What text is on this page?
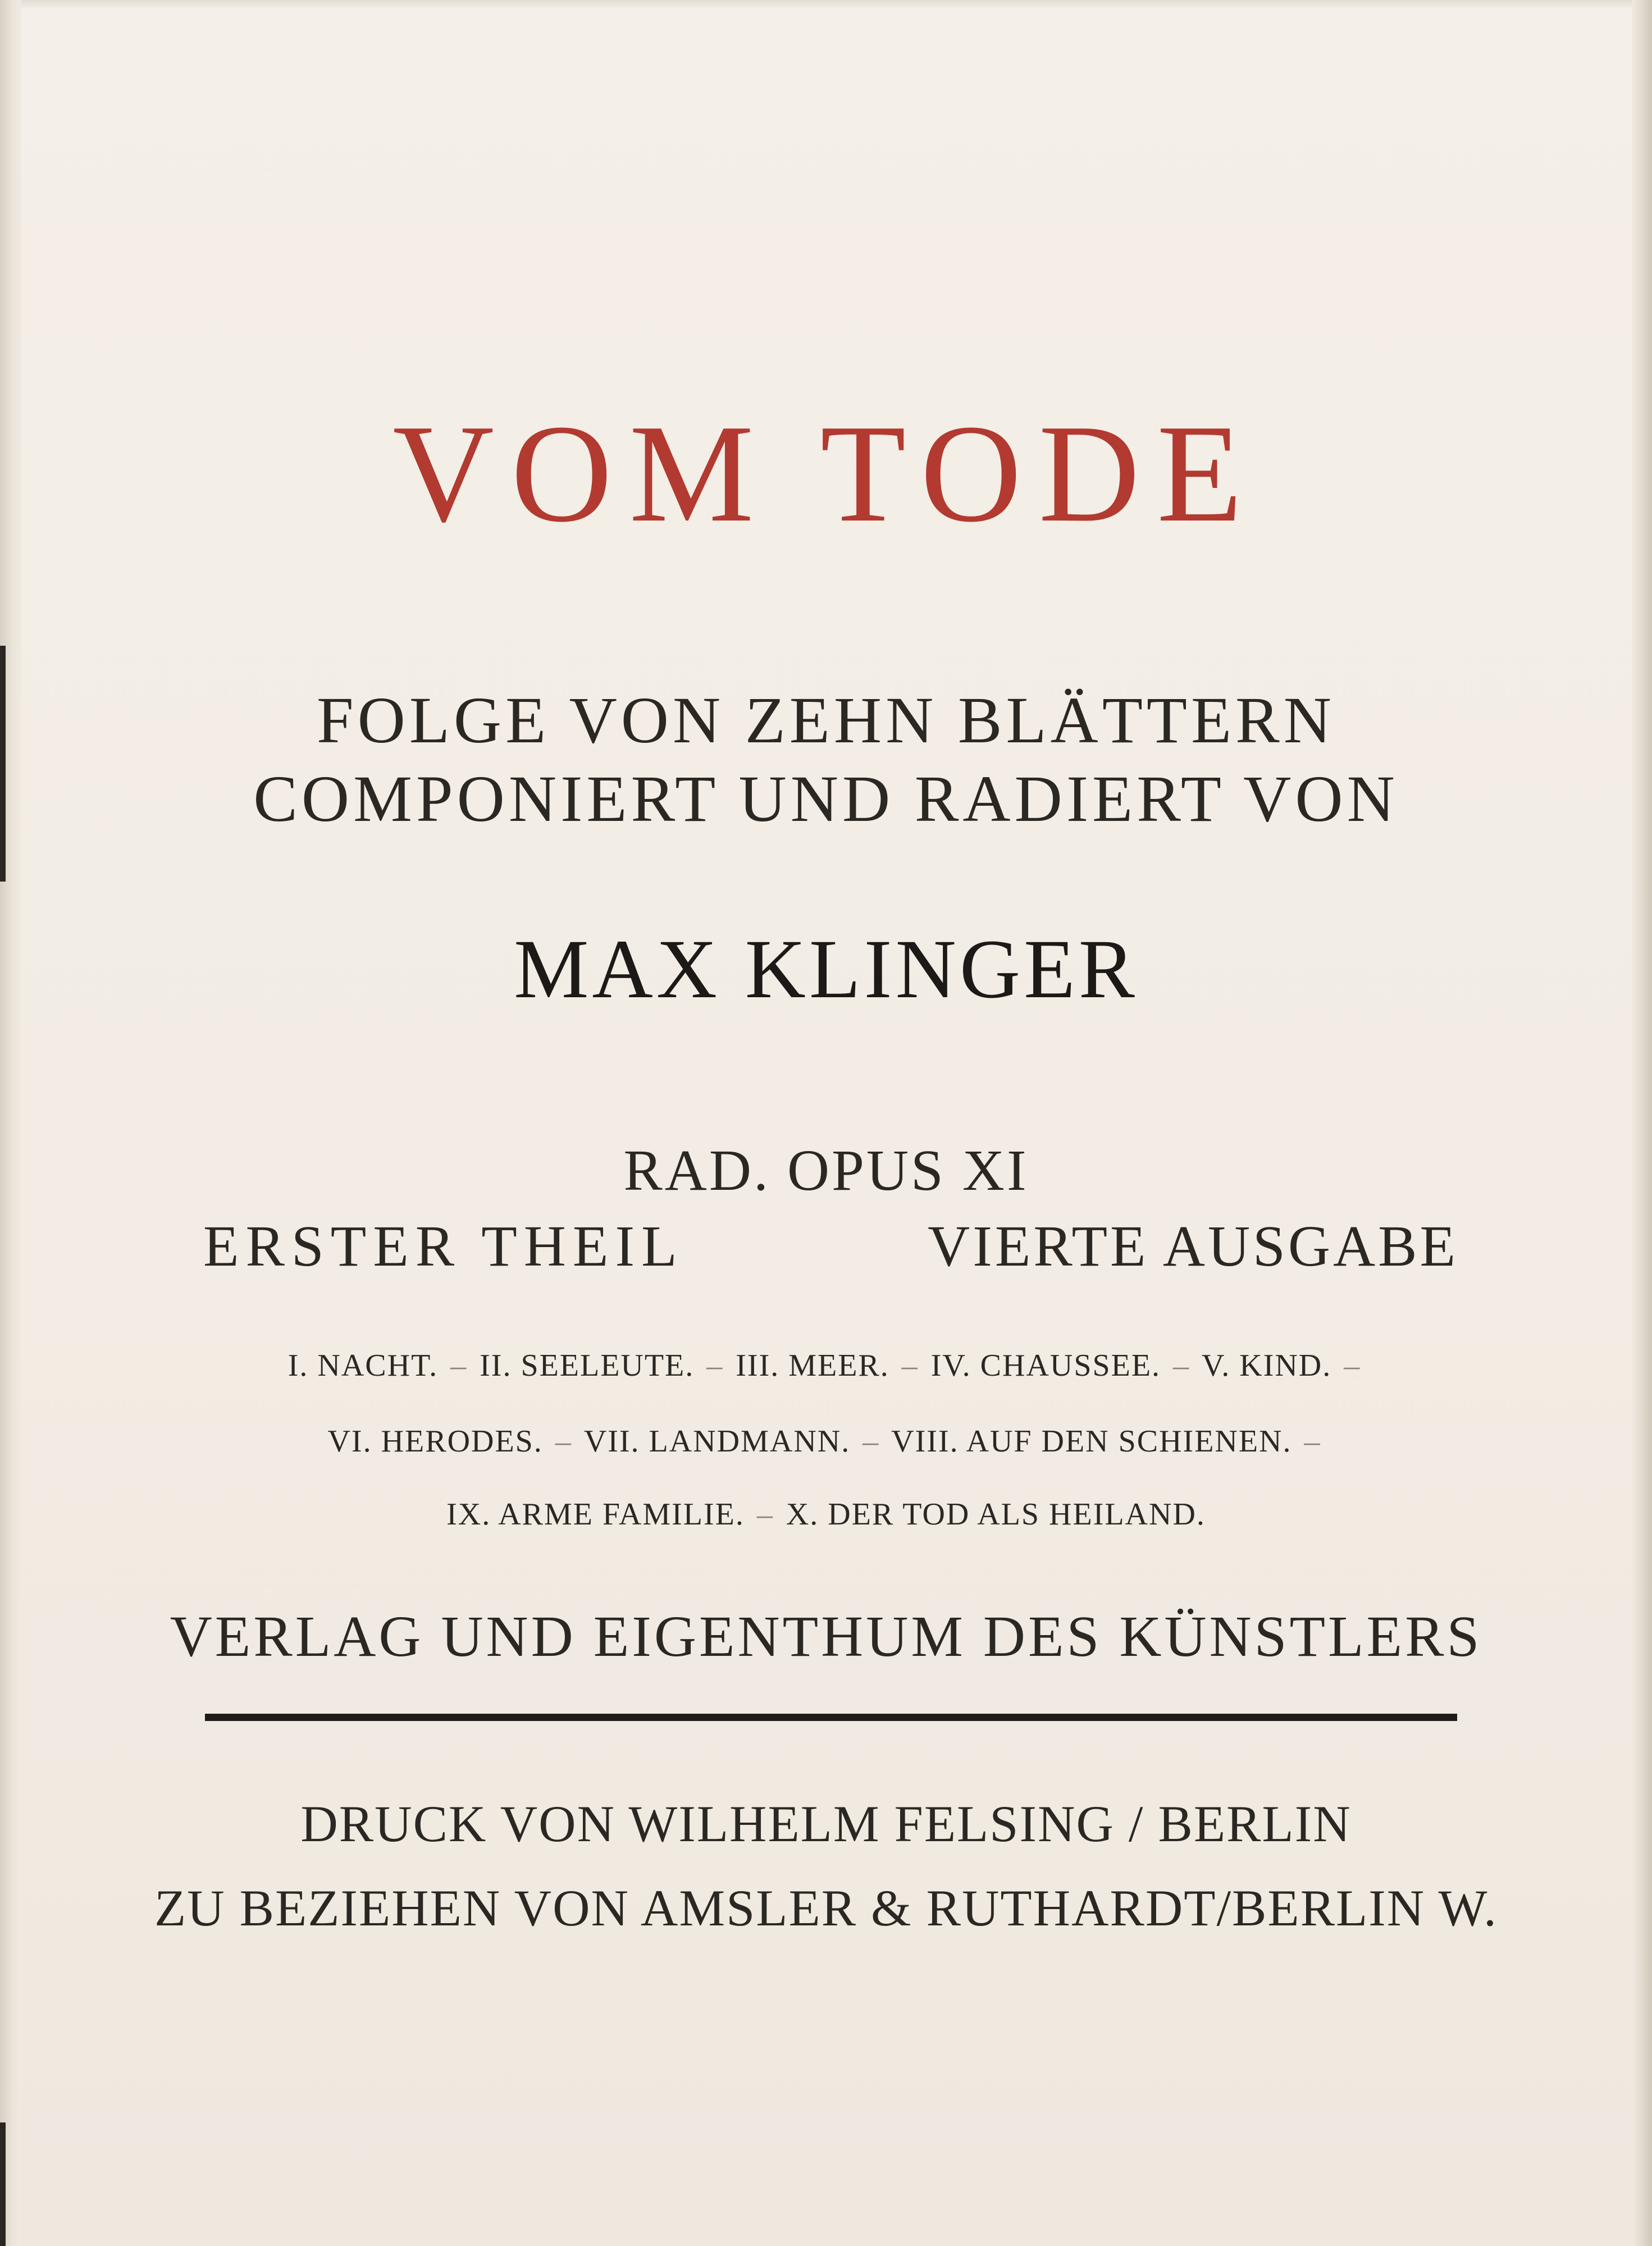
VOM TODE
FOLGE VON ZEHN BLÄTTERN
COMPONIERT UND RADIERT VON
MAX KLINGER
RAD. OPUS XI
ERSTER THEIL	VIERTE AUSGABE
I. NACHT. – II. SEELEUTE. – III. MEER. – IV. CHAUSSEE. – V. KIND. –
VI. HERODES. – VII. LANDMANN. – VIII. AUF DEN SCHIENEN. –
IX. ARME FAMILIE. – X. DER TOD ALS HEILAND.
VERLAG UND EIGENTHUM DES KÜNSTLERS
DRUCK VON WILHELM FELSING / BERLIN
ZU BEZIEHEN VON AMSLER & RUTHARDT/BERLIN W.
